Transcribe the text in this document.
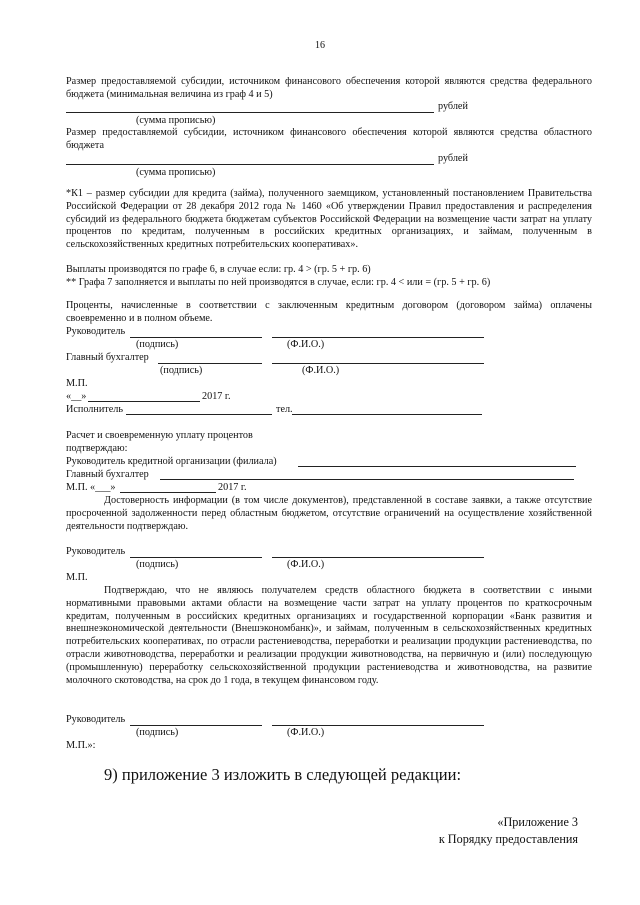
16
Размер предоставляемой субсидии, источником финансового обеспечения которой являются средства федерального бюджета (минимальная величина из граф 4 и 5)
рублей
(сумма прописью)
Размер предоставляемой субсидии, источником финансового обеспечения которой являются средства областного бюджета
рублей
(сумма прописью)
*К1 – размер субсидии для кредита (займа), полученного заемщиком, установленный постановлением Правительства Российской Федерации от 28 декабря 2012 года № 1460 «Об утверждении Правил предоставления и распределения субсидий из федерального бюджета бюджетам субъектов Российской Федерации на возмещение части затрат на уплату процентов по кредитам, полученным в российских кредитных организациях, и займам, полученным в сельскохозяйственных кредитных потребительских кооперативах».
Выплаты производятся по графе 6, в случае если: гр. 4 > (гр. 5 + гр. 6)
** Графа 7 заполняется и выплаты по ней производятся в случае, если: гр. 4 < или = (гр. 5 + гр. 6)
Проценты, начисленные в соответствии с заключенным кредитным договором (договором займа) оплачены своевременно и в полном объеме.
Руководитель
(подпись)	(Ф.И.О.)
Главный бухгалтер
(подпись)	(Ф.И.О.)
М.П.
«__»	2017 г.
Исполнитель	тел.
Расчет и своевременную уплату процентов
подтверждаю:
Руководитель кредитной организации (филиала)
Главный бухгалтер
М.П. «___»	2017 г.
Достоверность информации (в том числе документов), представленной в составе заявки, а также отсутствие просроченной задолженности перед областным бюджетом, отсутствие ограничений на осуществление хозяйственной деятельности подтверждаю.
Руководитель
(подпись)	(Ф.И.О.)
М.П.
Подтверждаю, что не являюсь получателем средств областного бюджета в соответствии с иными нормативными правовыми актами области на возмещение части затрат на уплату процентов по краткосрочным кредитам, полученным в российских кредитных организациях и государственной корпорации «Банк развития и внешнеэкономической деятельности (Внешэкономбанк)», и займам, полученным в сельскохозяйственных кредитных потребительских кооперативах, по отрасли растениеводства, переработки и реализации продукции растениеводства, по отрасли животноводства, переработки и реализации продукции животноводства, на первичную и (или) последующую (промышленную) переработку сельскохозяйственной продукции растениеводства и животноводства, на развитие молочного скотоводства, на срок до 1 года, в текущем финансовом году.
Руководитель
(подпись)	(Ф.И.О.)
М.П.»:
9) приложение 3 изложить в следующей редакции:
«Приложение 3
к Порядку предоставления
